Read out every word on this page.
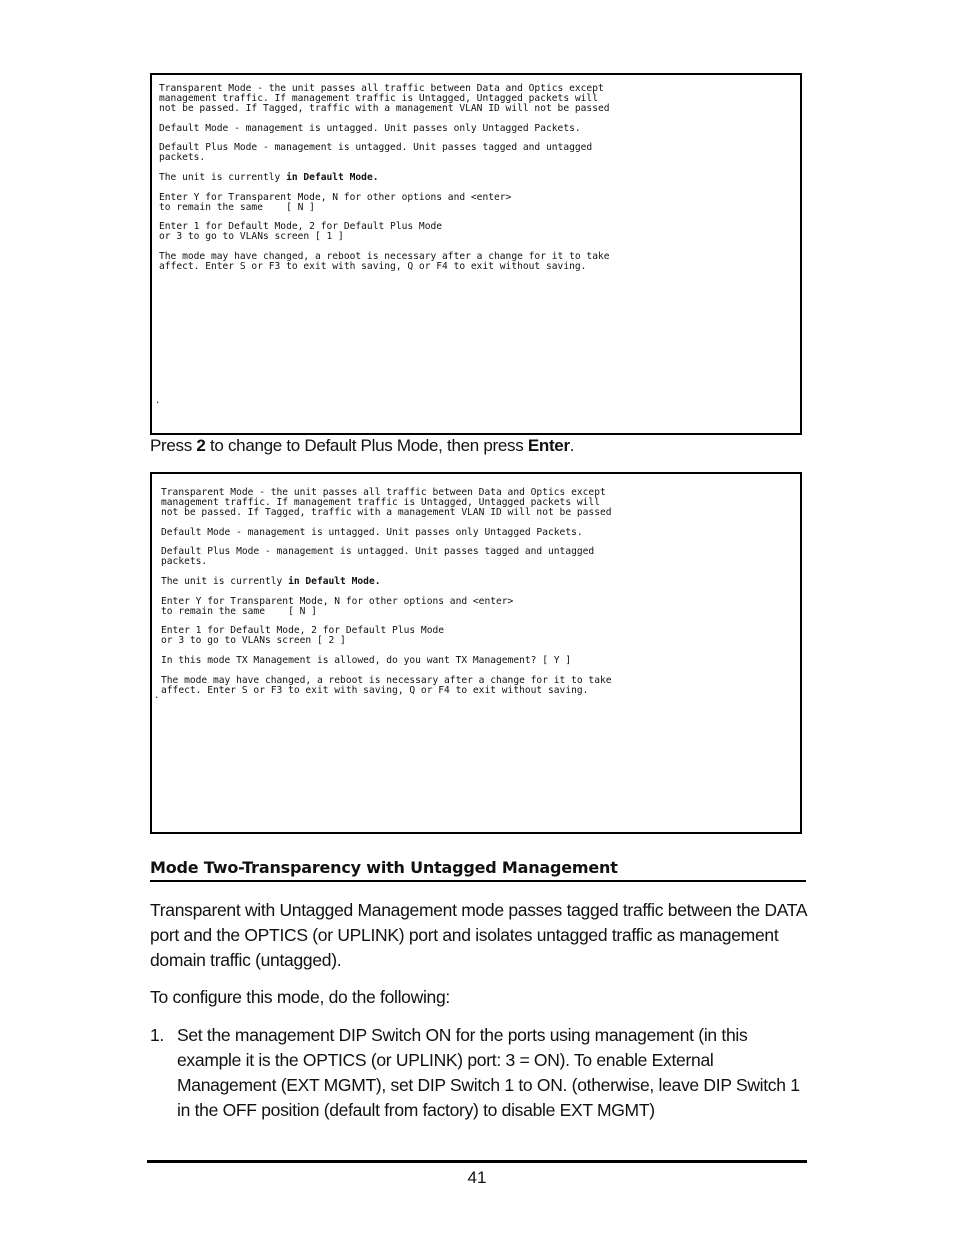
Transparent Mode - the unit passes all traffic between Data and Optics except
management traffic. If management traffic is Untagged, Untagged packets will
not be passed. If Tagged, traffic with a management VLAN ID will not be passed
Default Mode - management is untagged. Unit passes only Untagged Packets.
Default Plus Mode - management is untagged. Unit passes tagged and untagged
packets.
The unit is currently in Default Mode.
Enter Y for Transparent Mode, N for other options and <enter>
to remain the same    [ N ]
Enter 1 for Default Mode, 2 for Default Plus Mode
or 3 to go to VLANs screen [ 1 ]
The mode may have changed, a reboot is necessary after a change for it to take
affect. Enter S or F3 to exit with saving, Q or F4 to exit without saving.
.
Press 2 to change to Default Plus Mode, then press Enter.
Transparent Mode - the unit passes all traffic between Data and Optics except
management traffic. If management traffic is Untagged, Untagged packets will
not be passed. If Tagged, traffic with a management VLAN ID will not be passed
Default Mode - management is untagged. Unit passes only Untagged Packets.
Default Plus Mode - management is untagged. Unit passes tagged and untagged
packets.
The unit is currently in Default Mode.
Enter Y for Transparent Mode, N for other options and <enter>
to remain the same    [ N ]
Enter 1 for Default Mode, 2 for Default Plus Mode
or 3 to go to VLANs screen [ 2 ]
In this mode TX Management is allowed, do you want TX Management? [ Y ]
The mode may have changed, a reboot is necessary after a change for it to take
affect. Enter S or F3 to exit with saving, Q or F4 to exit without saving.
.
Mode Two-Transparency with Untagged Management
Transparent with Untagged Management mode passes tagged traffic between the DATA port and the OPTICS (or UPLINK) port and isolates untagged traffic as management domain traffic (untagged).
To configure this mode, do the following:
1. Set the management DIP Switch ON for the ports using management (in this example it is the OPTICS (or UPLINK) port: 3 = ON). To enable External Management (EXT MGMT), set DIP Switch 1 to ON. (otherwise, leave DIP Switch 1 in the OFF position (default from factory) to disable EXT MGMT)
41
